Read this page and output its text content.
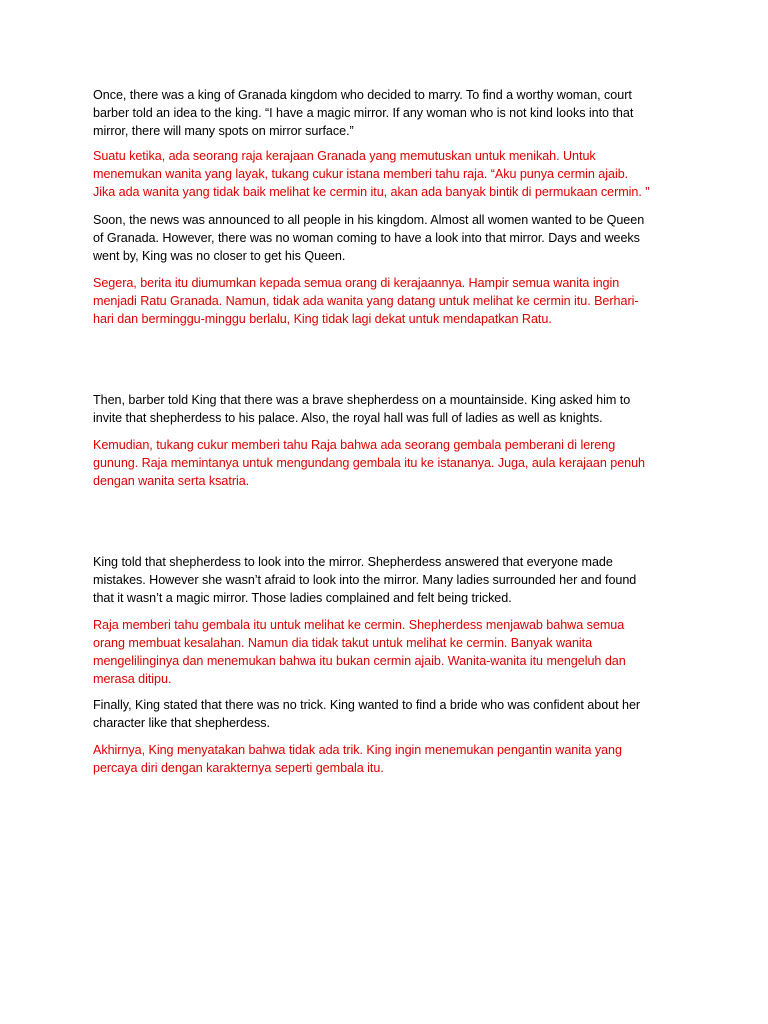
Once, there was a king of Granada kingdom who decided to marry. To find a worthy woman, court
barber told an idea to the king. “I have a magic mirror. If any woman who is not kind looks into that
mirror, there will many spots on mirror surface.”

Suatu ketika, ada seorang raja kerajaan Granada yang memutuskan untuk menikah. Untuk
menemukan wanita yang layak, tukang cukur istana memberi tahu raja. “Aku punya cermin ajaib.
Jika ada wanita yang tidak baik melihat ke cermin itu, akan ada banyak bintik di permukaan cermin. "

Soon, the news was announced to all people in his kingdom. Almost all women wanted to be Queen
of Granada. However, there was no woman coming to have a look into that mirror. Days and weeks
went by, King was no closer to get his Queen.

Segera, berita itu diumumkan kepada semua orang di kerajaannya. Hampir semua wanita ingin
menjadi Ratu Granada. Namun, tidak ada wanita yang datang untuk melihat ke cermin itu. Berhari-
hari dan berminggu-minggu berlalu, King tidak lagi dekat untuk mendapatkan Ratu.

Then, barber told King that there was a brave shepherdess on a mountainside. King asked him to
invite that shepherdess to his palace. Also, the royal hall was full of ladies as well as knights.

Kemudian, tukang cukur memberi tahu Raja bahwa ada seorang gembala pemberani di lereng
gunung. Raja memintanya untuk mengundang gembala itu ke istananya. Juga, aula kerajaan penuh
dengan wanita serta ksatria.

King told that shepherdess to look into the mirror. Shepherdess answered that everyone made
mistakes. However she wasn’t afraid to look into the mirror. Many ladies surrounded her and found
that it wasn’t a magic mirror. Those ladies complained and felt being tricked.

Raja memberi tahu gembala itu untuk melihat ke cermin. Shepherdess menjawab bahwa semua
orang membuat kesalahan. Namun dia tidak takut untuk melihat ke cermin. Banyak wanita
mengelilinginya dan menemukan bahwa itu bukan cermin ajaib. Wanita-wanita itu mengeluh dan
merasa ditipu.

Finally, King stated that there was no trick. King wanted to find a bride who was confident about her
character like that shepherdess.

Akhirnya, King menyatakan bahwa tidak ada trik. King ingin menemukan pengantin wanita yang
percaya diri dengan karakternya seperti gembala itu.
